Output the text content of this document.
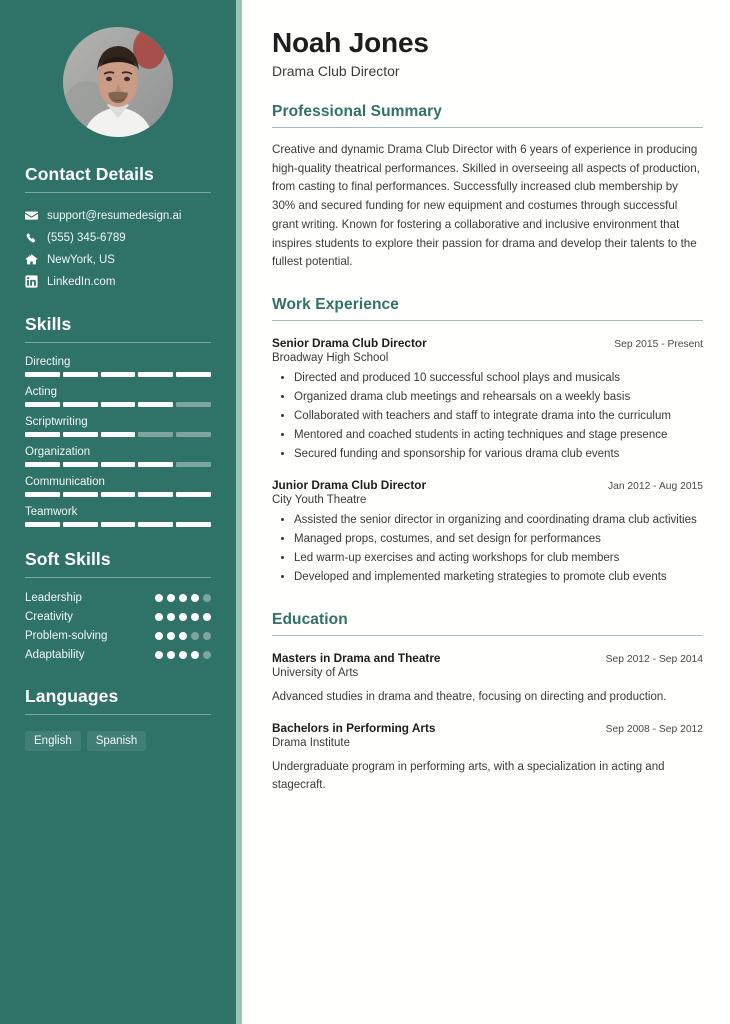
Contact Details
support@resumedesign.ai
(555) 345-6789
NewYork, US
LinkedIn.com
Skills
Directing
Acting
Scriptwriting
Organization
Communication
Teamwork
Soft Skills
Leadership
Creativity
Problem-solving
Adaptability
Languages
English	Spanish
Noah Jones
Drama Club Director
Professional Summary

Creative and dynamic Drama Club Director with 6 years of experience in producing high-quality theatrical performances. Skilled in overseeing all aspects of production, from casting to final performances. Successfully increased club membership by 30% and secured funding for new equipment and costumes through successful grant writing. Known for fostering a collaborative and inclusive environment that inspires students to explore their passion for drama and develop their talents to the fullest potential.

Work Experience
Senior Drama Club Director	Sep 2015 - Present
Broadway High School
• Directed and produced 10 successful school plays and musicals
• Organized drama club meetings and rehearsals on a weekly basis
• Collaborated with teachers and staff to integrate drama into the curriculum
• Mentored and coached students in acting techniques and stage presence
• Secured funding and sponsorship for various drama club events
Junior Drama Club Director	Jan 2012 - Aug 2015
City Youth Theatre
• Assisted the senior director in organizing and coordinating drama club activities
• Managed props, costumes, and set design for performances
• Led warm-up exercises and acting workshops for club members
• Developed and implemented marketing strategies to promote club events
Education
Masters in Drama and Theatre	Sep 2012 - Sep 2014
University of Arts
Advanced studies in drama and theatre, focusing on directing and production.
Bachelors in Performing Arts	Sep 2008 - Sep 2012
Drama Institute
Undergraduate program in performing arts, with a specialization in acting and stagecraft.
